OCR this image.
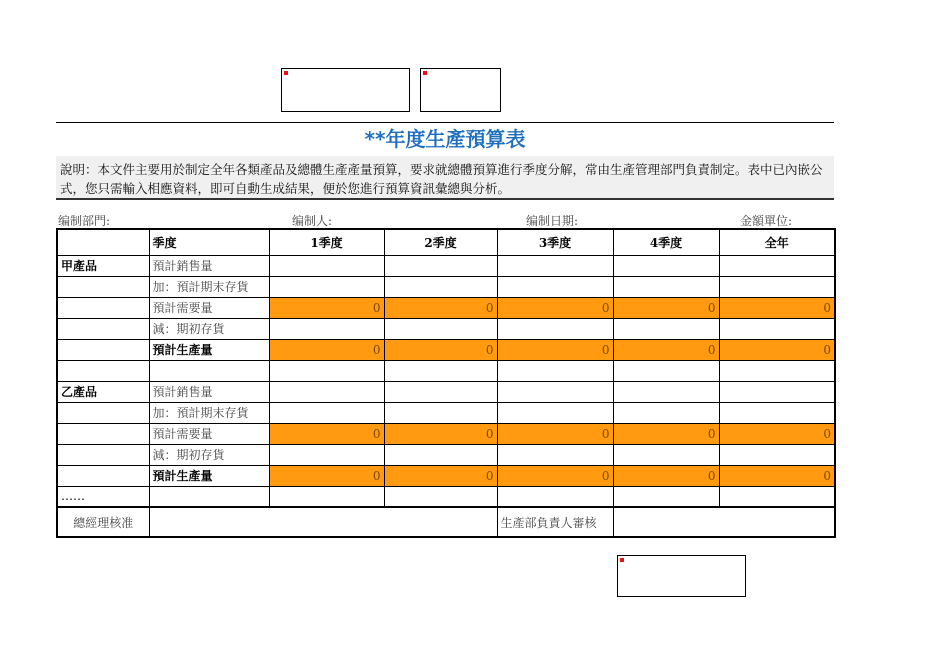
**年度生產預算表
說明：本文件主要用於制定全年各類產品及總體生產產量預算，要求就總體預算進行季度分解，常由生產管理部門負責制定。表中已內嵌公式，您只需輸入相應資料，即可自動生成結果，便於您進行預算資訊彙總與分析。
编制部門:	编制人:	编制日期:	金額單位:
	季度	1季度	2季度	3季度	4季度	全年
甲產品	預計銷售量					
	加：預計期末存貨					
	預計需要量	0	0	0	0	0
	減：期初存貨					
	預計生產量	0	0	0	0	0

乙產品	預計銷售量					
	加：預計期末存貨					
	預計需要量	0	0	0	0	0
	減：期初存貨					
	預計生產量	0	0	0	0	0
……						
總經理核准				生產部負責人審核		
